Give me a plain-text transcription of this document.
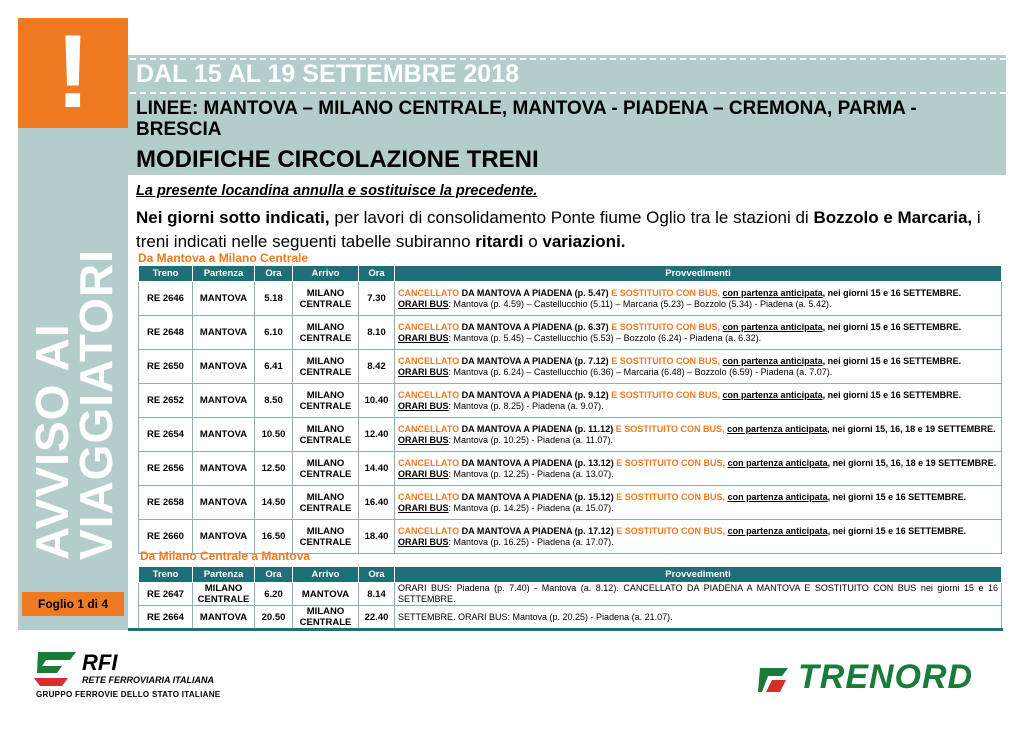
!
AVVISO AI
VIAGGIATORI
Foglio 1 di 4
DAL 15 AL 19 SETTEMBRE 2018
LINEE: MANTOVA – MILANO CENTRALE, MANTOVA - PIADENA – CREMONA, PARMA - BRESCIA
MODIFICHE CIRCOLAZIONE TRENI
La presente locandina annulla e sostituisce la precedente.
Nei giorni sotto indicati, per lavori di consolidamento Ponte fiume Oglio tra le stazioni di Bozzolo e Marcaria, i treni indicati nelle seguenti tabelle subiranno ritardi o variazioni.
Da Mantova a Milano Centrale
Treno	Partenza	Ora	Arrivo	Ora	Provvedimenti
RE 2646	MANTOVA	5.18	MILANO CENTRALE	7.30	CANCELLATO DA MANTOVA A PIADENA (p. 5.47) E SOSTITUITO CON BUS, con partenza anticipata, nei giorni 15 e 16 SETTEMBRE.
ORARI BUS: Mantova (p. 4.59) – Castellucchio (5.11) – Marcaria (5.23) – Bozzolo (5.34) - Piadena (a. 5.42).
RE 2648	MANTOVA	6.10	MILANO CENTRALE	8.10	CANCELLATO DA MANTOVA A PIADENA (p. 6.37) E SOSTITUITO CON BUS, con partenza anticipata, nei giorni 15 e 16 SETTEMBRE.
ORARI BUS: Mantova (p. 5.45) – Castellucchio (5.53) – Bozzolo (6.24) - Piadena (a. 6.32).
RE 2650	MANTOVA	6.41	MILANO CENTRALE	8.42	CANCELLATO DA MANTOVA A PIADENA (p. 7.12) E SOSTITUITO CON BUS, con partenza anticipata, nei giorni 15 e 16 SETTEMBRE.
ORARI BUS: Mantova (p. 6.24) – Castellucchio (6.36) – Marcaria (6.48) – Bozzolo (6.59) - Piadena (a. 7.07).
RE 2652	MANTOVA	8.50	MILANO CENTRALE	10.40	CANCELLATO DA MANTOVA A PIADENA (p. 9.12) E SOSTITUITO CON BUS, con partenza anticipata, nei giorni 15 e 16 SETTEMBRE.
ORARI BUS: Mantova (p. 8.25) - Piadena (a. 9.07).
RE 2654	MANTOVA	10.50	MILANO CENTRALE	12.40	CANCELLATO DA MANTOVA A PIADENA (p. 11.12) E SOSTITUITO CON BUS, con partenza anticipata, nei giorni 15, 16, 18 e 19 SETTEMBRE.
ORARI BUS: Mantova (p. 10.25) - Piadena (a. 11.07).
RE 2656	MANTOVA	12.50	MILANO CENTRALE	14.40	CANCELLATO DA MANTOVA A PIADENA (p. 13.12) E SOSTITUITO CON BUS, con partenza anticipata, nei giorni 15, 16, 18 e 19 SETTEMBRE.
ORARI BUS: Mantova (p. 12.25) - Piadena (a. 13.07).
RE 2658	MANTOVA	14.50	MILANO CENTRALE	16.40	CANCELLATO DA MANTOVA A PIADENA (p. 15.12) E SOSTITUITO CON BUS, con partenza anticipata, nei giorni 15 e 16 SETTEMBRE.
ORARI BUS: Mantova (p. 14.25) - Piadena (a. 15.07).
RE 2660	MANTOVA	16.50	MILANO CENTRALE	18.40	CANCELLATO DA MANTOVA A PIADENA (p. 17.12) E SOSTITUITO CON BUS, con partenza anticipata, nei giorni 15 e 16 SETTEMBRE.
ORARI BUS: Mantova (p. 16.25) - Piadena (a. 17.07).
Da Milano Centrale a Mantova
Treno	Partenza	Ora	Arrivo	Ora	Provvedimenti
RE 2647	MILANO CENTRALE	6.20	MANTOVA	8.14	ORARI BUS: Piadena (p. 7.40) - Mantova (a. 8.12). CANCELLATO DA PIADENA A MANTOVA E SOSTITUITO CON BUS nei giorni 15 e 16 SETTEMBRE.
RE 2664	MANTOVA	20.50	MILANO CENTRALE	22.40	SETTEMBRE. ORARI BUS: Mantova (p. 20.25) - Piadena (a. 21.07).
RFI
RETE FERROVIARIA ITALIANA
GRUPPO FERROVIE DELLO STATO ITALIANE	TRENORD
